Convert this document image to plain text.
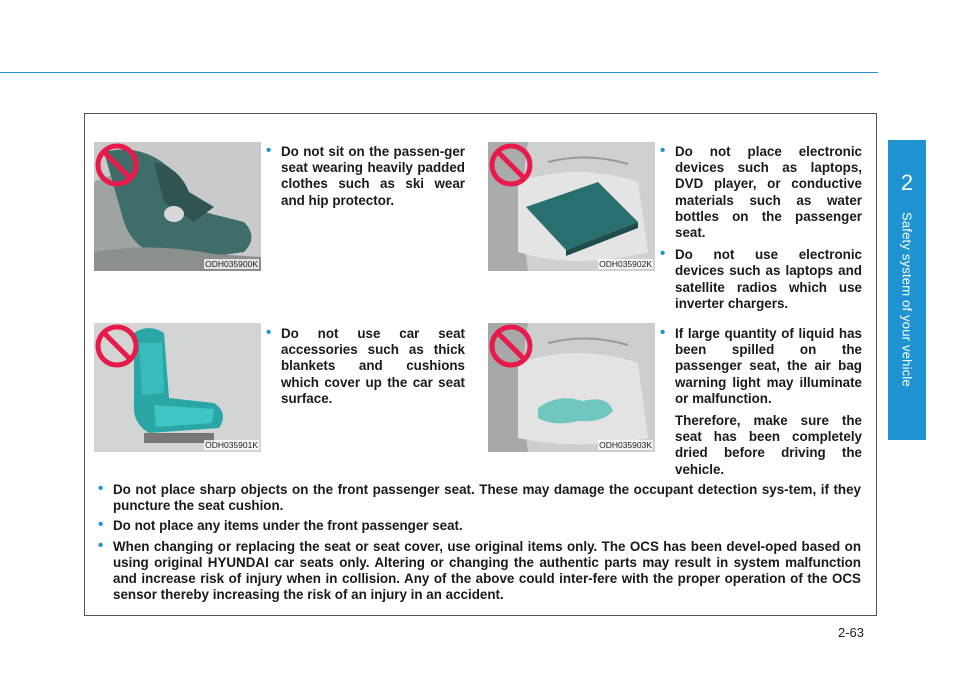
2
Safety system of your vehicle
ODH035900K	ODH035902K
ODH035901K	ODH035903K
• Do not sit on the passen-ger seat wearing heavily padded clothes such as ski wear and hip protector.
• Do not place electronic devices such as laptops, DVD player, or conductive materials such as water bottles on the passenger seat.
• Do not use electronic devices such as laptops and satellite radios which use inverter chargers.
• Do not use car seat accessories such as thick blankets and cushions which cover up the car seat surface.
• If large quantity of liquid has been spilled on the passenger seat, the air bag warning light may illuminate or malfunction.

Therefore, make sure the seat has been completely dried before driving the vehicle.

• Do not place sharp objects on the front passenger seat. These may damage the occupant detection sys-tem, if they puncture the seat cushion.
• Do not place any items under the front passenger seat.
• When changing or replacing the seat or seat cover, use original items only. The OCS has been devel-oped based on using original HYUNDAI car seats only. Altering or changing the authentic parts may result in system malfunction and increase risk of injury when in collision. Any of the above could inter-fere with the proper operation of the OCS sensor thereby increasing the risk of an injury in an accident.
2-63
